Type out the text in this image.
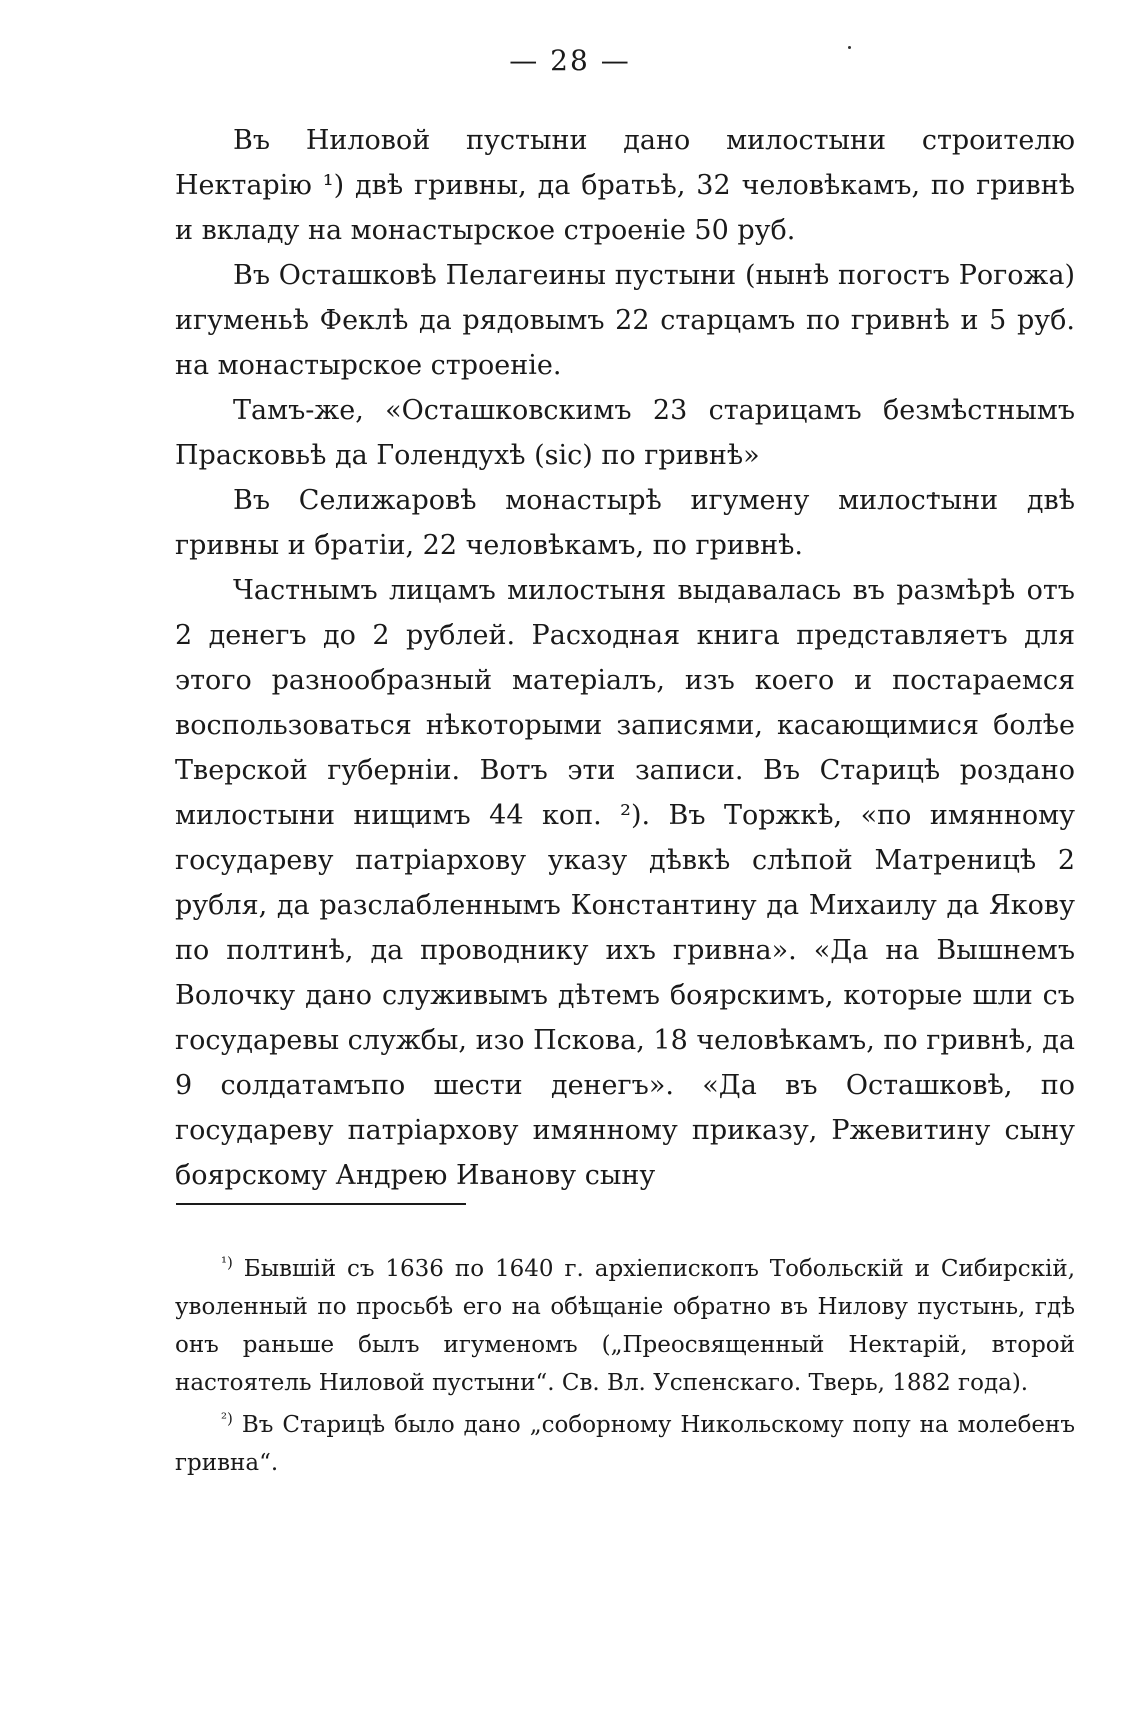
— 28 —

Въ Ниловой пустыни дано милостыни строителю Нектарію ¹) двѣ гривны, да братьѣ, 32 человѣкамъ, по гривнѣ и вкладу на монастырское строеніе 50 руб.

Въ Осташковѣ Пелагеины пустыни (нынѣ погостъ Рогожа) игуменьѣ Феклѣ да рядовымъ 22 старцамъ по гривнѣ и 5 руб. на монастырское строеніе.

Тамъ-же, «Осташковскимъ 23 старицамъ безмѣстнымъ Прасковьѣ да Голендухѣ (sic) по гривнѣ»

Въ Селижаровѣ монастырѣ игумену милостыни двѣ гривны и братіи, 22 человѣкамъ, по гривнѣ.

Частнымъ лицамъ милостыня выдавалась въ размѣрѣ отъ 2 денегъ до 2 рублей. Расходная книга представляетъ для этого разнообразный матеріалъ, изъ коего и постараемся воспользоваться нѣкоторыми записями, касающимися болѣе Тверской губерніи. Вотъ эти записи. Въ Старицѣ роздано милостыни нищимъ 44 коп. ²). Въ Торжкѣ, «по имянному государеву патріархову указу дѣвкѣ слѣпой Матреницѣ 2 рубля, да разслабленнымъ Константину да Михаилу да Якову по полтинѣ, да проводнику ихъ гривна». «Да на Вышнемъ Волочку дано служивымъ дѣтемъ боярскимъ, которые шли съ государевы службы, изо Пскова, 18 человѣкамъ, по гривнѣ, да 9 солдатамъпо шести денегъ». «Да въ Осташковѣ, по государеву патріархову имянному приказу, Ржевитину сыну боярскому Андрею Иванову сыну

$^{^1)}$ Бывшій съ 1636 по 1640 г. архіепископъ Тобольскій и Сибирскій, уволенный по просьбѣ его на обѣщаніе обратно въ Нилову пустынь, гдѣ онъ раньше былъ игуменомъ („Преосвященный Нектарій, второй настоятель Ниловой пустыни“. Св. Вл. Успенскаго. Тверь, 1882 года).

$^{^2)}$ Въ Старицѣ было дано „соборному Никольскому попу на молебенъ гривна“.
